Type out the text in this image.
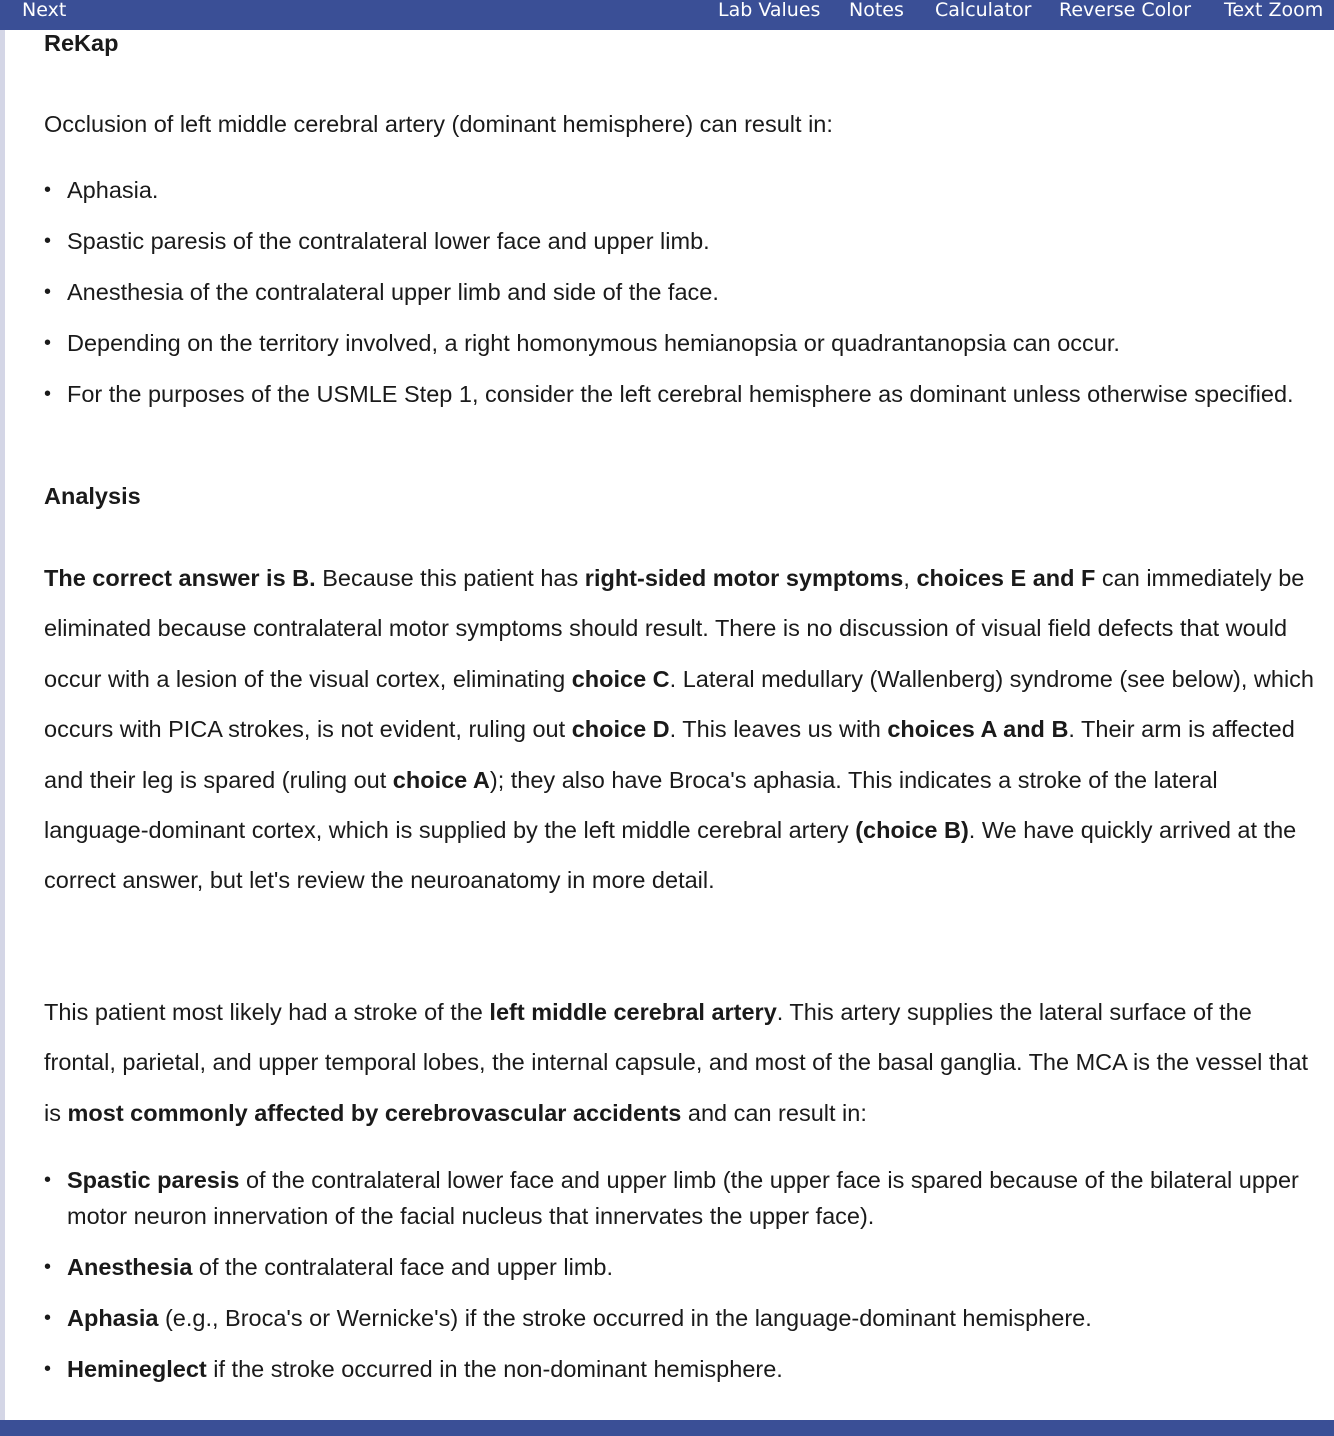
Next	Lab Values Notes Calculator Reverse Color Text Zoom
ReKap

Occlusion of left middle cerebral artery (dominant hemisphere) can result in:

• Aphasia.
• Spastic paresis of the contralateral lower face and upper limb.
• Anesthesia of the contralateral upper limb and side of the face.
• Depending on the territory involved, a right homonymous hemianopsia or quadrantanopsia can occur.
• For the purposes of the USMLE Step 1, consider the left cerebral hemisphere as dominant unless otherwise specified.
Analysis

The correct answer is B. Because this patient has right-sided motor symptoms, choices E and F can immediately be eliminated because contralateral motor symptoms should result. There is no discussion of visual field defects that would occur with a lesion of the visual cortex, eliminating choice C. Lateral medullary (Wallenberg) syndrome (see below), which occurs with PICA strokes, is not evident, ruling out choice D. This leaves us with choices A and B. Their arm is affected and their leg is spared (ruling out choice A); they also have Broca's aphasia. This indicates a stroke of the lateral language-dominant cortex, which is supplied by the left middle cerebral artery (choice B). We have quickly arrived at the correct answer, but let's review the neuroanatomy in more detail.

This patient most likely had a stroke of the left middle cerebral artery. This artery supplies the lateral surface of the frontal, parietal, and upper temporal lobes, the internal capsule, and most of the basal ganglia. The MCA is the vessel that is most commonly affected by cerebrovascular accidents and can result in:

• Spastic paresis of the contralateral lower face and upper limb (the upper face is spared because of the bilateral upper motor neuron innervation of the facial nucleus that innervates the upper face).
• Anesthesia of the contralateral face and upper limb.
• Aphasia (e.g., Broca's or Wernicke's) if the stroke occurred in the language-dominant hemisphere.
• Hemineglect if the stroke occurred in the non-dominant hemisphere.
